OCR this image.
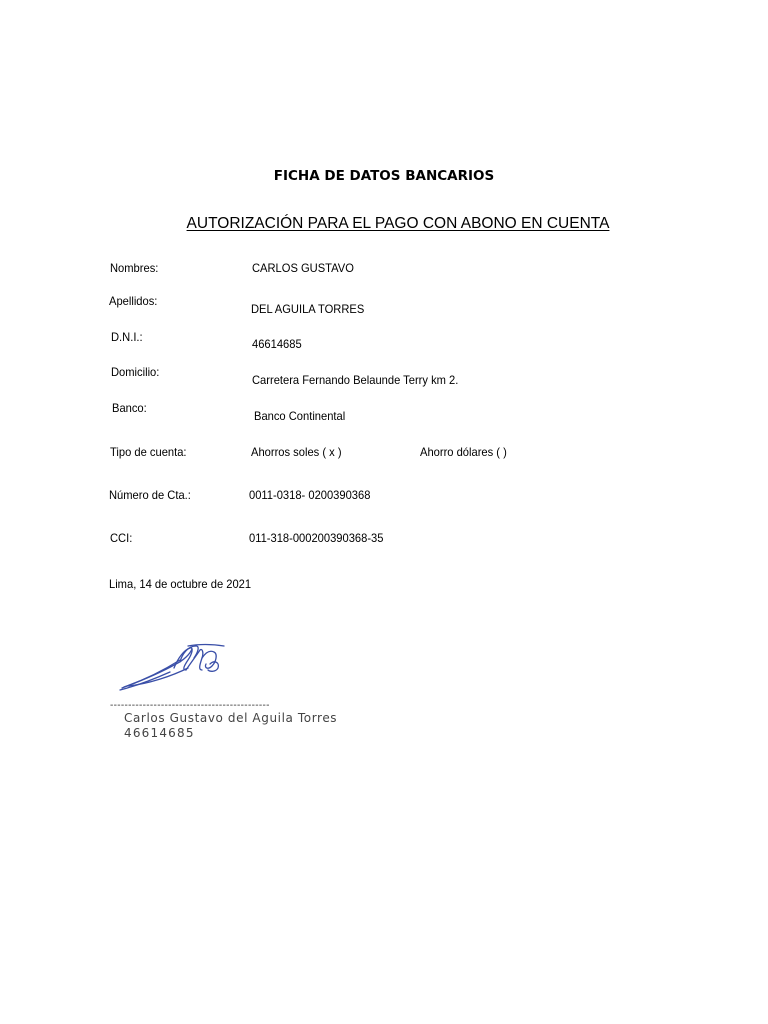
FICHA DE DATOS BANCARIOS
AUTORIZACIÓN PARA EL PAGO CON ABONO EN CUENTA
Nombres:	CARLOS GUSTAVO
Apellidos:
DEL AGUILA TORRES
D.N.I.:	46614685
Domicilio:
Carretera Fernando Belaunde Terry km 2.
Banco:
Banco Continental
Tipo de cuenta:	Ahorros soles ( x )	Ahorro dólares ( )
Número de Cta.:	0011-0318- 0200390368
CCI:	011-318-000200390368-35
Lima, 14 de octubre de 2021
--------------------------------------------
Carlos Gustavo del Aguila Torres
46614685
